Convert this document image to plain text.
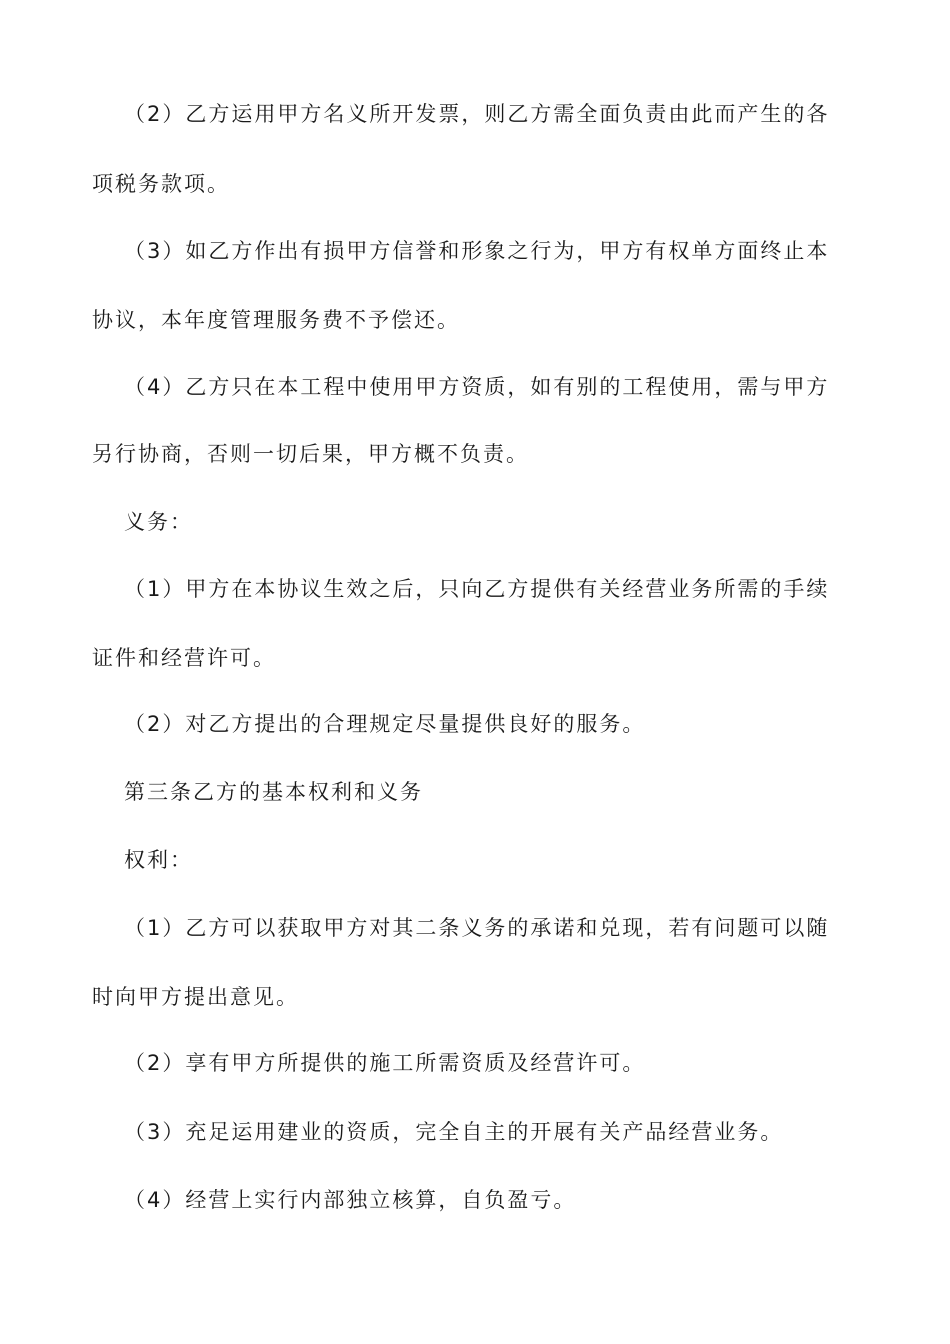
（2）乙方运用甲方名义所开发票，则乙方需全面负责由此而产生的各

项税务款项。

（3）如乙方作出有损甲方信誉和形象之行为，甲方有权单方面终止本

协议，本年度管理服务费不予偿还。

（4）乙方只在本工程中使用甲方资质，如有别的工程使用，需与甲方

另行协商，否则一切后果，甲方概不负责。

义务：

（1）甲方在本协议生效之后，只向乙方提供有关经营业务所需的手续

证件和经营许可。

（2）对乙方提出的合理规定尽量提供良好的服务。

第三条乙方的基本权利和义务

权利：

（1）乙方可以获取甲方对其二条义务的承诺和兑现，若有问题可以随

时向甲方提出意见。

（2）享有甲方所提供的施工所需资质及经营许可。

（3）充足运用建业的资质，完全自主的开展有关产品经营业务。

（4）经营上实行内部独立核算，自负盈亏。
